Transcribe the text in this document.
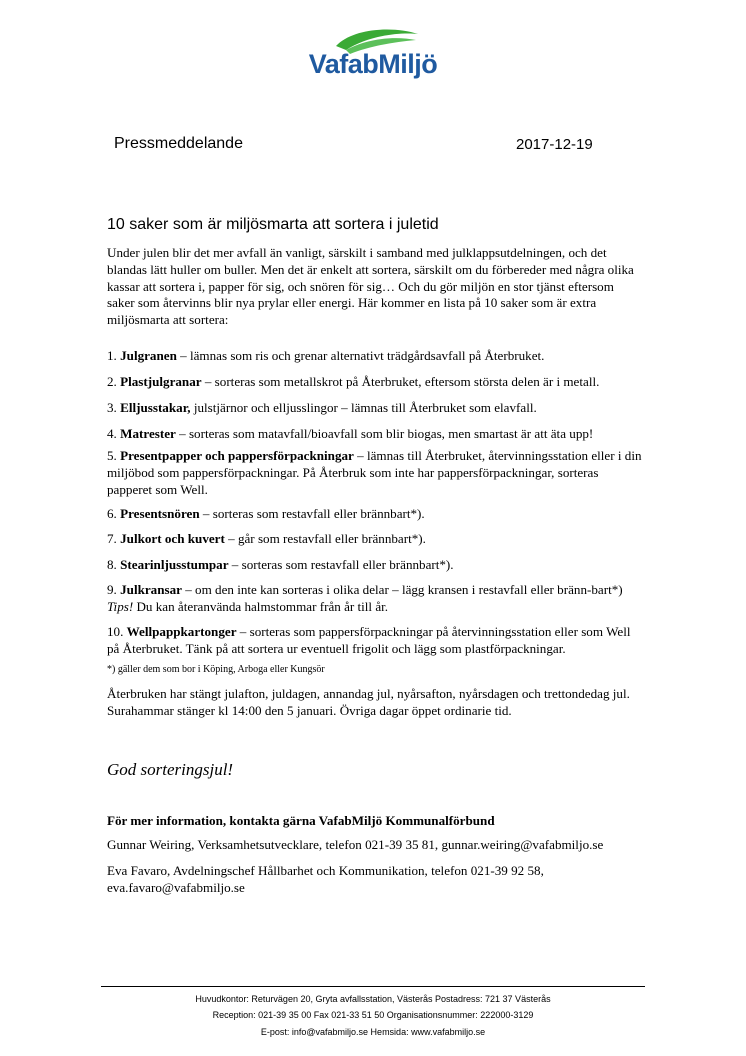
VafabMiljö
Pressmeddelande	2017-12-19
10 saker som är miljösmarta att sortera i juletid
Under julen blir det mer avfall än vanligt, särskilt i samband med julklappsutdelningen, och det blandas lätt huller om buller. Men det är enkelt att sortera, särskilt om du förbereder med några olika kassar att sortera i, papper för sig, och snören för sig… Och du gör miljön en stor tjänst eftersom saker som återvinns blir nya prylar eller energi. Här kommer en lista på 10 saker som är extra miljösmarta att sortera:
1. Julgranen – lämnas som ris och grenar alternativt trädgårdsavfall på Återbruket.
2. Plastjulgranar – sorteras som metallskrot på Återbruket, eftersom största delen är i metall.
3. Elljusstakar, julstjärnor och elljusslingor – lämnas till Återbruket som elavfall.
4. Matrester – sorteras som matavfall/bioavfall som blir biogas, men smartast är att äta upp!
5. Presentpapper och pappersförpackningar – lämnas till Återbruket, återvinningsstation eller i din miljöbod som pappersförpackningar. På Återbruk som inte har pappersförpackningar, sorteras papperet som Well.
6. Presentsnören – sorteras som restavfall eller brännbart*).
7. Julkort och kuvert – går som restavfall eller brännbart*).
8. Stearinljusstumpar – sorteras som restavfall eller brännbart*).
9. Julkransar – om den inte kan sorteras i olika delar – lägg kransen i restavfall eller bränn-bart*) Tips! Du kan återanvända halmstommar från år till år.
10. Wellpappkartonger – sorteras som pappersförpackningar på återvinningsstation eller som Well på Återbruket. Tänk på att sortera ur eventuell frigolit och lägg som plastförpackningar.
*) gäller dem som bor i Köping, Arboga eller Kungsör
Återbruken har stängt julafton, juldagen, annandag jul, nyårsafton, nyårsdagen och trettondedag jul. Surahammar stänger kl 14:00 den 5 januari. Övriga dagar öppet ordinarie tid.
God sorteringsjul!
För mer information, kontakta gärna VafabMiljö Kommunalförbund
Gunnar Weiring, Verksamhetsutvecklare, telefon 021-39 35 81, gunnar.weiring@vafabmiljo.se
Eva Favaro, Avdelningschef Hållbarhet och Kommunikation, telefon 021-39 92 58, eva.favaro@vafabmiljo.se
Huvudkontor: Returvägen 20, Gryta avfallsstation, Västerås Postadress: 721 37 Västerås
Reception: 021-39 35 00 Fax 021-33 51 50 Organisationsnummer: 222000-3129
E-post: info@vafabmiljo.se Hemsida: www.vafabmiljo.se
